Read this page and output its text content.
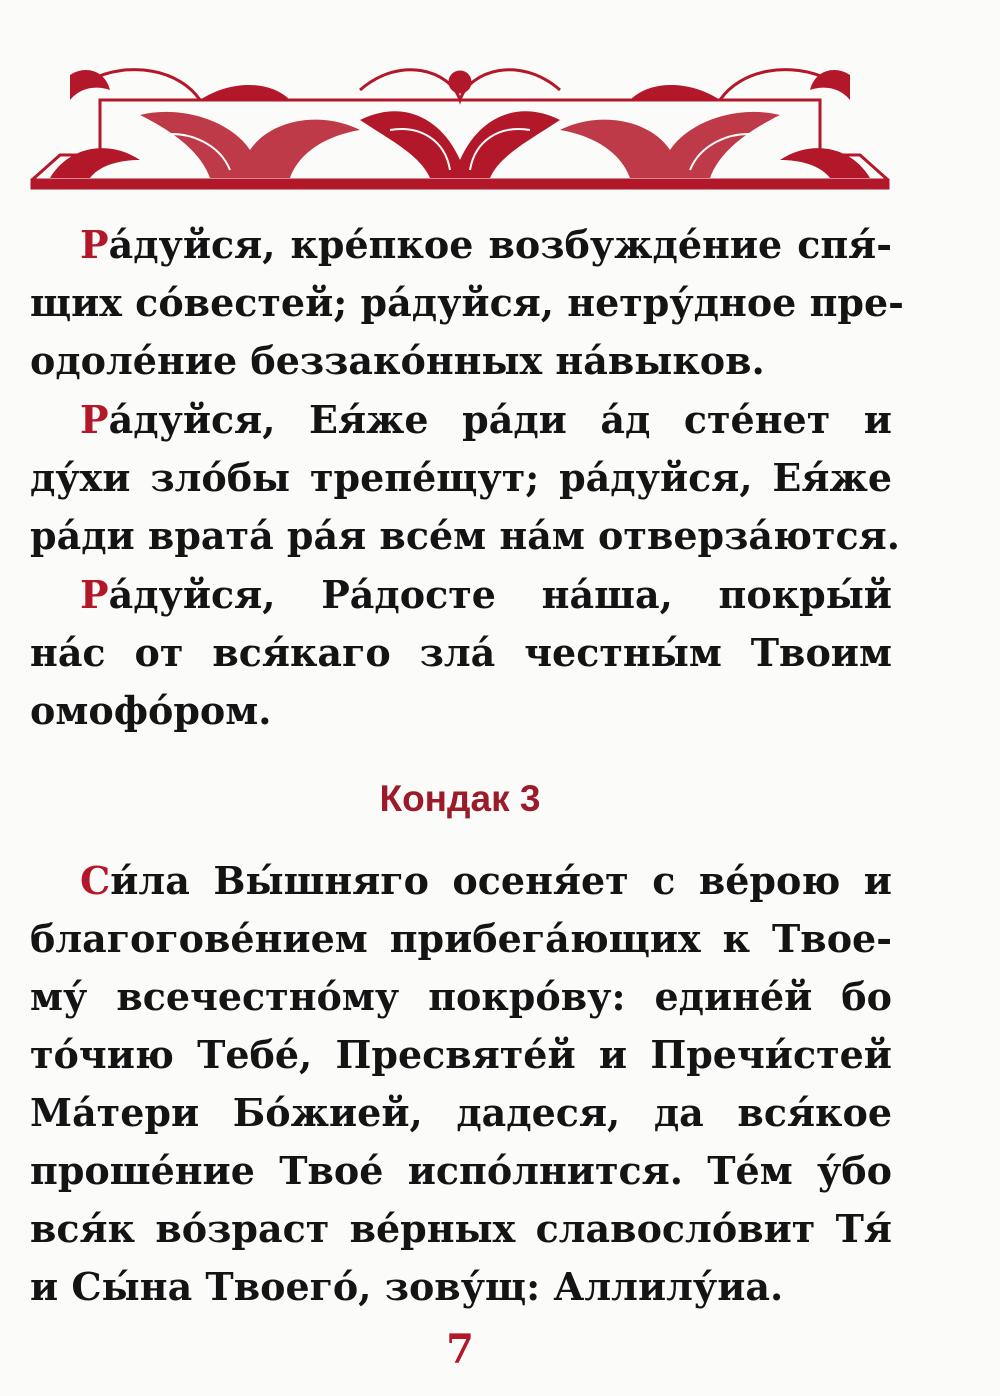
Ра́дуйся, кре́пкое возбужде́ние спя́-
щих со́вестей; ра́дуйся, нетру́дное пре-
одоле́ние беззако́нных на́выков.
Ра́дуйся, Ея́же ра́ди а́д сте́нет и
ду́хи зло́бы трепе́щут; ра́дуйся, Ея́же
ра́ди врата́ ра́я все́м на́м отверза́ются.
Ра́дуйся, Ра́досте на́ша, покры́й
на́с от вся́каго зла́ честны́м Твоим
омофо́ром.
Кондак 3
Си́ла Вы́шняго осеня́ет с ве́рою и
благогове́нием прибега́ющих к Твое-
му́ всечестно́му покро́ву: едине́й бо
то́чию Тебе́, Пресвяте́й и Пречи́стей
Ма́тери Бо́жией, дадеся, да вся́кое
проше́ние Твое́ испо́лнится. Те́м у́бо
вся́к во́зраст ве́рных славосло́вит Тя́
и Сы́на Твоего́, зову́щ: Аллилу́иа.
7
